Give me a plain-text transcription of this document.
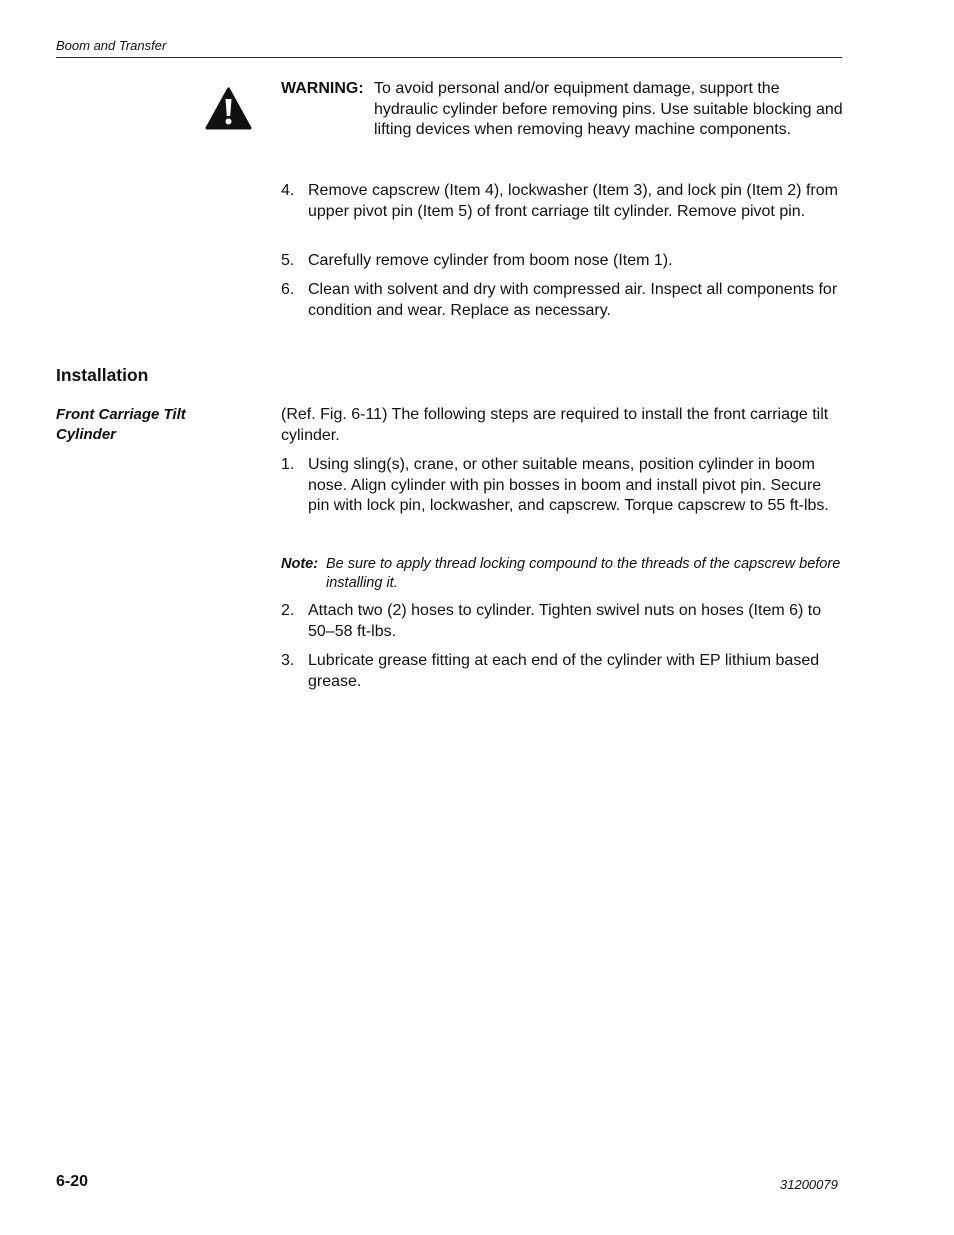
Boom and Transfer
WARNING: To avoid personal and/or equipment damage, support the hydraulic cylinder before removing pins. Use suitable blocking and lifting devices when removing heavy machine components.
4. Remove capscrew (Item 4), lockwasher (Item 3), and lock pin (Item 2) from upper pivot pin (Item 5) of front carriage tilt cylinder. Remove pivot pin.
5. Carefully remove cylinder from boom nose (Item 1).
6. Clean with solvent and dry with compressed air. Inspect all components for condition and wear. Replace as necessary.
Installation
Front Carriage Tilt Cylinder
(Ref. Fig. 6-11) The following steps are required to install the front carriage tilt cylinder.
1. Using sling(s), crane, or other suitable means, position cylinder in boom nose. Align cylinder with pin bosses in boom and install pivot pin. Secure pin with lock pin, lockwasher, and capscrew. Torque capscrew to 55 ft-lbs.
Note: Be sure to apply thread locking compound to the threads of the capscrew before installing it.
2. Attach two (2) hoses to cylinder. Tighten swivel nuts on hoses (Item 6) to 50–58 ft-lbs.
3. Lubricate grease fitting at each end of the cylinder with EP lithium based grease.
6-20	31200079
